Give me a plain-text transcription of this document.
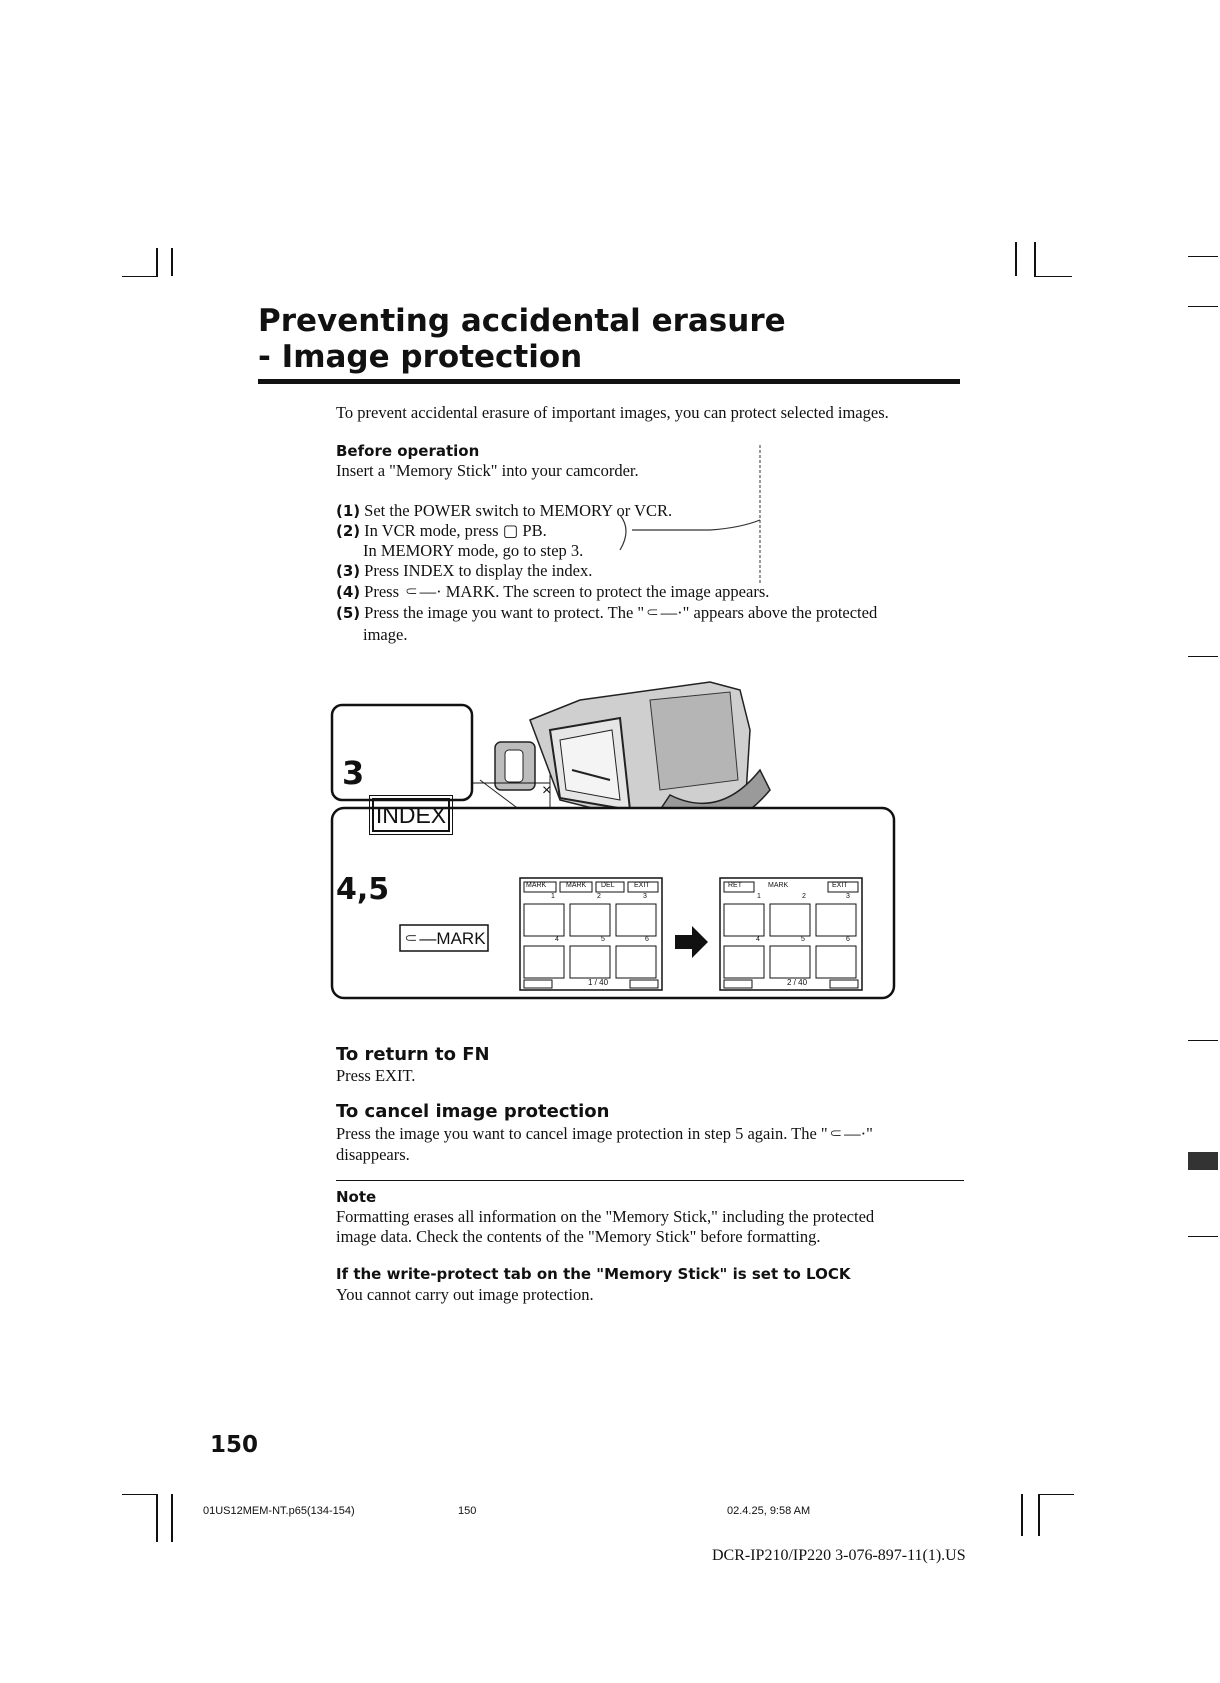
Preventing accidental erasure
- Image protection
To prevent accidental erasure of important images, you can protect selected images.
Before operation
Insert a "Memory Stick" into your camcorder.
(1) Set the POWER switch to MEMORY or VCR.
(2) In VCR mode, press ▢ PB.
In MEMORY mode, go to step 3.
(3) Press INDEX to display the index.
(4) Press ⸦—· MARK. The screen to protect the image appears.
(5) Press the image you want to protect. The "⸦—·" appears above the protected
image.
×
3
INDEX
4,5
⸦—MARK
MARK	MARK DEL	EXIT
1	2	3
4	5	6
1 / 40
RET	MARK	EXIT
1	2	3
4	5	6
2 / 40
To return to FN
Press EXIT.
To cancel image protection
Press the image you want to cancel image protection in step 5 again. The "⸦—·"
disappears.
Note
Formatting erases all information on the "Memory Stick," including the protected
image data. Check the contents of the "Memory Stick" before formatting.
If the write-protect tab on the "Memory Stick" is set to LOCK
You cannot carry out image protection.
150
01US12MEM-NT.p65(134-154)	150	02.4.25, 9:58 AM
DCR-IP210/IP220 3-076-897-11(1).US
